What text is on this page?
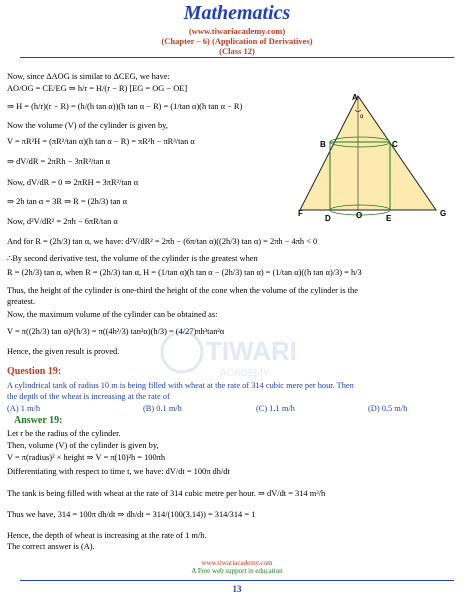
Mathematics
(www.tiwariacademy.com)
(Chapter – 6) (Application of Derivatives)
(Class 12)
Now, since ΔAOG is similar to ΔCEG, we have:
AO/OG = CE/EG ⇒ h/r = H/(r − R) [EG = OG − OE]
⇒ H = (h/r)(r − R) = (h/(h tan α))(h tan α − R) = (1/tan α)(h tan α − R)
Now the volume (V) of the cylinder is given by,
V = πR²H = (πR²/tan α)(h tan α − R) = πR²h − πR³/tan α
⇒ dV/dR = 2πRh − 3πR²/tan α
Now, dV/dR = 0 ⇒ 2πRH = 3πR²/tan α
⇒ 2h tan α = 3R ⇒ R = (2h/3) tan α
Now, d²V/dR² = 2πh − 6πR/tan α
And for R = (2h/3) tan α, we have: d²V/dR² = 2πh − (6π/tan α)((2h/3) tan α) = 2πh − 4πh < 0
∴By second derivative test, the volume of the cylinder is the greatest when
R = (2h/3) tan α, when R = (2h/3) tan α, H = (1/tan α)(h tan α − (2h/3) tan α) = (1/tan α)((h tan α)/3) = h/3
Thus, the height of the cylinder is one-third the height of the cone when the volume of the cylinder is the
greatest.
Now, the maximum volume of the cylinder can be obtained as:
V = π((2h/3) tan α)²(h/3) = π((4h²/3) tan²α)(h/3) = (4/27)πh³tan²α
Hence, the given result is proved.
Question 19:
A cylindrical tank of radius 10 m is being filled with wheat at the rate of 314 cubic mere per hour. Then
the depth of the wheat is increasing at the rate of
(A) 1 m/h	(B) 0.1 m/h	(C) 1.1 m/h	(D) 0.5 m/h
Answer 19:
Let r be the radius of the cylinder.
Then, volume (V) of the cylinder is given by,
V = π(radius)² × height ⇒ V = π(10)²h = 100πh
Differentiating with respect to time t, we have: dV/dt = 100π dh/dt
The tank is being filled with wheat at the rate of 314 cubic metre per hour. ⇒ dV/dt = 314 m³/h
Thus we have, 314 = 100π dh/dt ⇒ dh/dt = 314/(100(3.14)) = 314/314 = 1
Hence, the depth of wheat is increasing at the rate of 1 m/h.
The correct answer is (A).
α
A
B	C
F
D	O	E
G
TIWARI
ACADEMY
www.tiwariacademy.com
A Free web support in education
13
